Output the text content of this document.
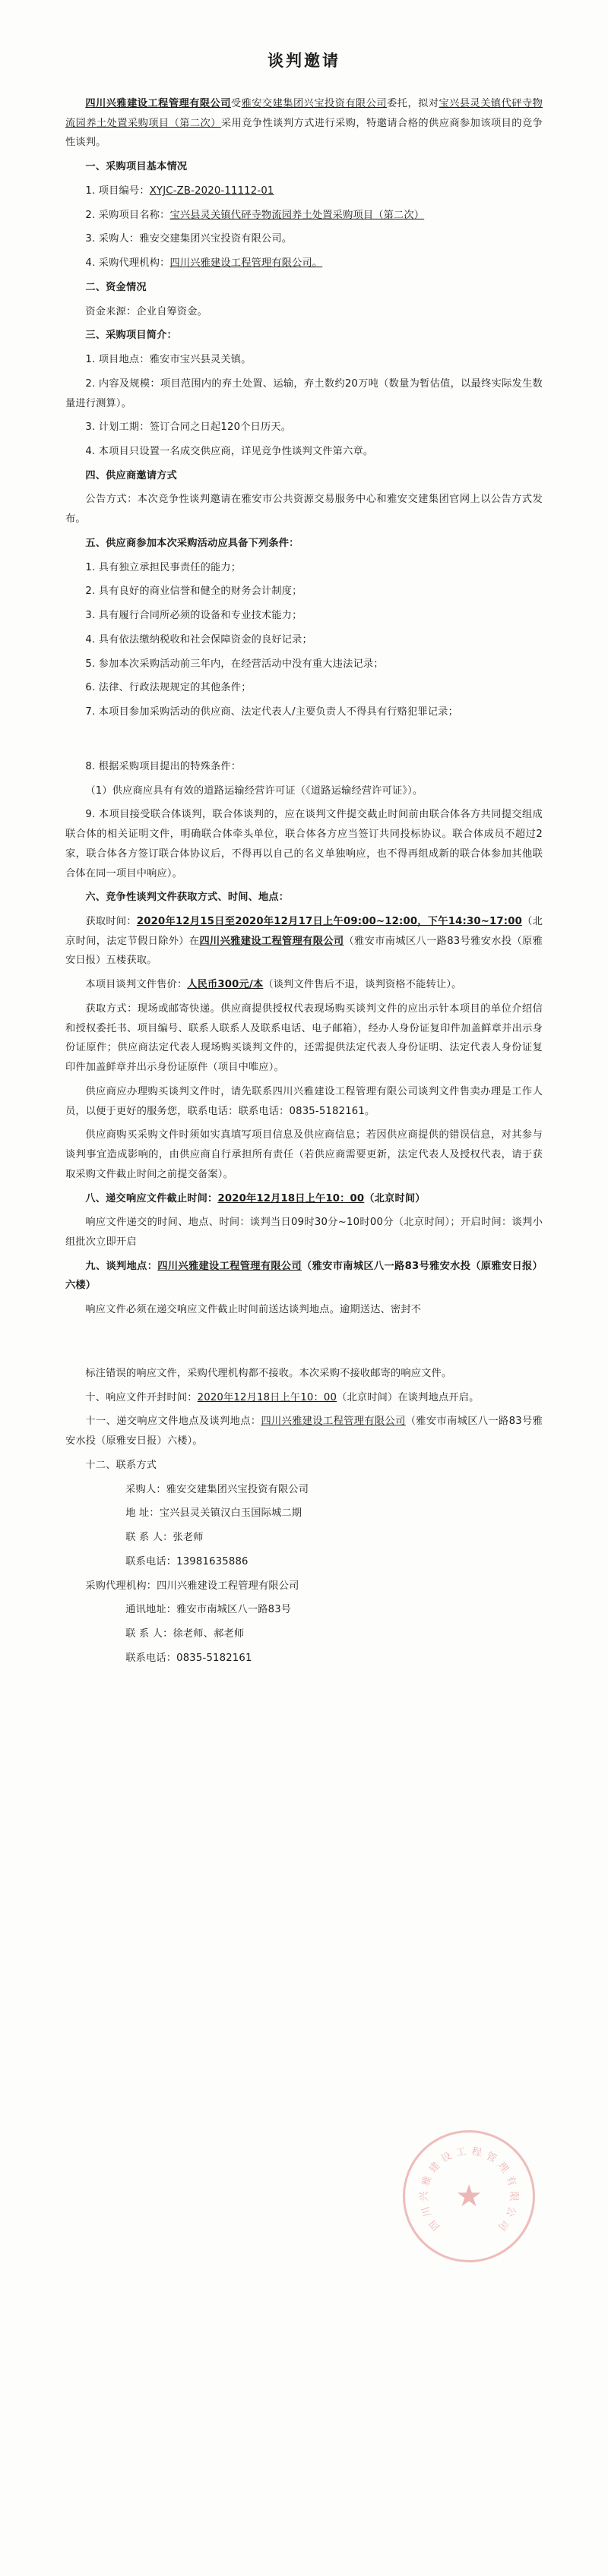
谈判邀请

四川兴雅建设工程管理有限公司受雅安交建集团兴宝投资有限公司委托，拟对宝兴县灵关镇代砰寺物流园养土处置采购项目（第二次）采用竞争性谈判方式进行采购，特邀请合格的供应商参加该项目的竞争性谈判。

一、采购项目基本情况

1. 项目编号：XYJC-ZB-2020-11112-01

2. 采购项目名称：宝兴县灵关镇代砰寺物流园养土处置采购项目（第二次）

3. 采购人：雅安交建集团兴宝投资有限公司。

4. 采购代理机构：四川兴雅建设工程管理有限公司。

二、资金情况

资金来源：企业自筹资金。

三、采购项目简介：

1. 项目地点：雅安市宝兴县灵关镇。

2. 内容及规模：项目范围内的弃土处置、运输，弃土数约20万吨（数量为暂估值，以最终实际发生数量进行测算）。

3. 计划工期：签订合同之日起120个日历天。

4. 本项目只设置一名成交供应商，详见竞争性谈判文件第六章。

四、供应商邀请方式

公告方式：本次竞争性谈判邀请在雅安市公共资源交易服务中心和雅安交建集团官网上以公告方式发布。

五、供应商参加本次采购活动应具备下列条件：

1. 具有独立承担民事责任的能力；

2. 具有良好的商业信誉和健全的财务会计制度；

3. 具有履行合同所必须的设备和专业技术能力；

4. 具有依法缴纳税收和社会保障资金的良好记录；

5. 参加本次采购活动前三年内，在经营活动中没有重大违法记录；

6. 法律、行政法规规定的其他条件；

7. 本项目参加采购活动的供应商、法定代表人/主要负责人不得具有行赂犯罪记录；

8. 根据采购项目提出的特殊条件：

（1）供应商应具有有效的道路运输经营许可证（《道路运输经营许可证》）。

9. 本项目接受联合体谈判，联合体谈判的，应在谈判文件提交截止时间前由联合体各方共同提交组成联合体的相关证明文件，明确联合体牵头单位，联合体各方应当签订共同投标协议。联合体成员不超过2家，联合体各方签订联合体协议后，不得再以自己的名义单独响应，也不得再组成新的联合体参加其他联合体在同一项目中响应）。

六、竞争性谈判文件获取方式、时间、地点：

获取时间：2020年12月15日至2020年12月17日上午09:00~12:00，下午14:30~17:00（北京时间，法定节假日除外）在四川兴雅建设工程管理有限公司（雅安市南城区八一路83号雅安水投（原雅安日报）五楼获取。

本项目谈判文件售价：人民币300元/本（谈判文件售后不退，谈判资格不能转让）。

获取方式：现场或邮寄快递。供应商提供授权代表现场购买谈判文件的应出示针本项目的单位介绍信和授权委托书、项目编号、联系人联系人及联系电话、电子邮箱），经办人身份证复印件加盖鲜章并出示身份证原件；供应商法定代表人现场购买谈判文件的，还需提供法定代表人身份证明、法定代表人身份证复印件加盖鲜章并出示身份证原件（项目中唯应）。

供应商应办理购买谈判文件时，请先联系四川兴雅建设工程管理有限公司谈判文件售卖办理是工作人员，以便于更好的服务您，联系电话：联系电话：0835-5182161。

供应商购买采购文件时须如实真填写项目信息及供应商信息；若因供应商提供的错误信息，对其参与谈判事宜造成影响的，由供应商自行承担所有责任（若供应商需要更新，法定代表人及授权代表，请于获取采购文件截止时间之前提交备案）。

八、递交响应文件截止时间：2020年12月18日上午10：00（北京时间）

响应文件递交的时间、地点、时间：谈判当日09时30分~10时00分（北京时间）；开启时间：谈判小组批次立即开启

九、谈判地点：四川兴雅建设工程管理有限公司（雅安市南城区八一路83号雅安水投（原雅安日报）六楼）

响应文件必须在递交响应文件截止时间前送达谈判地点。逾期送达、密封不

标注错误的响应文件，采购代理机构都不接收。本次采购不接收邮寄的响应文件。

十、响应文件开封时间：2020年12月18日上午10：00（北京时间）在谈判地点开启。

十一、递交响应文件地点及谈判地点：四川兴雅建设工程管理有限公司（雅安市南城区八一路83号雅安水投（原雅安日报）六楼）。

十二、联系方式

采购人：雅安交建集团兴宝投资有限公司

地 址：宝兴县灵关镇汉白玉国际城二期

联 系 人：张老师

联系电话：13981635886

采购代理机构：四川兴雅建设工程管理有限公司

通讯地址：雅安市南城区八一路83号

联 系 人：徐老师、郝老师

联系电话：0835-5182161

★
四
川
兴
雅
建
设 工 程 管
理
有
限
公
司
